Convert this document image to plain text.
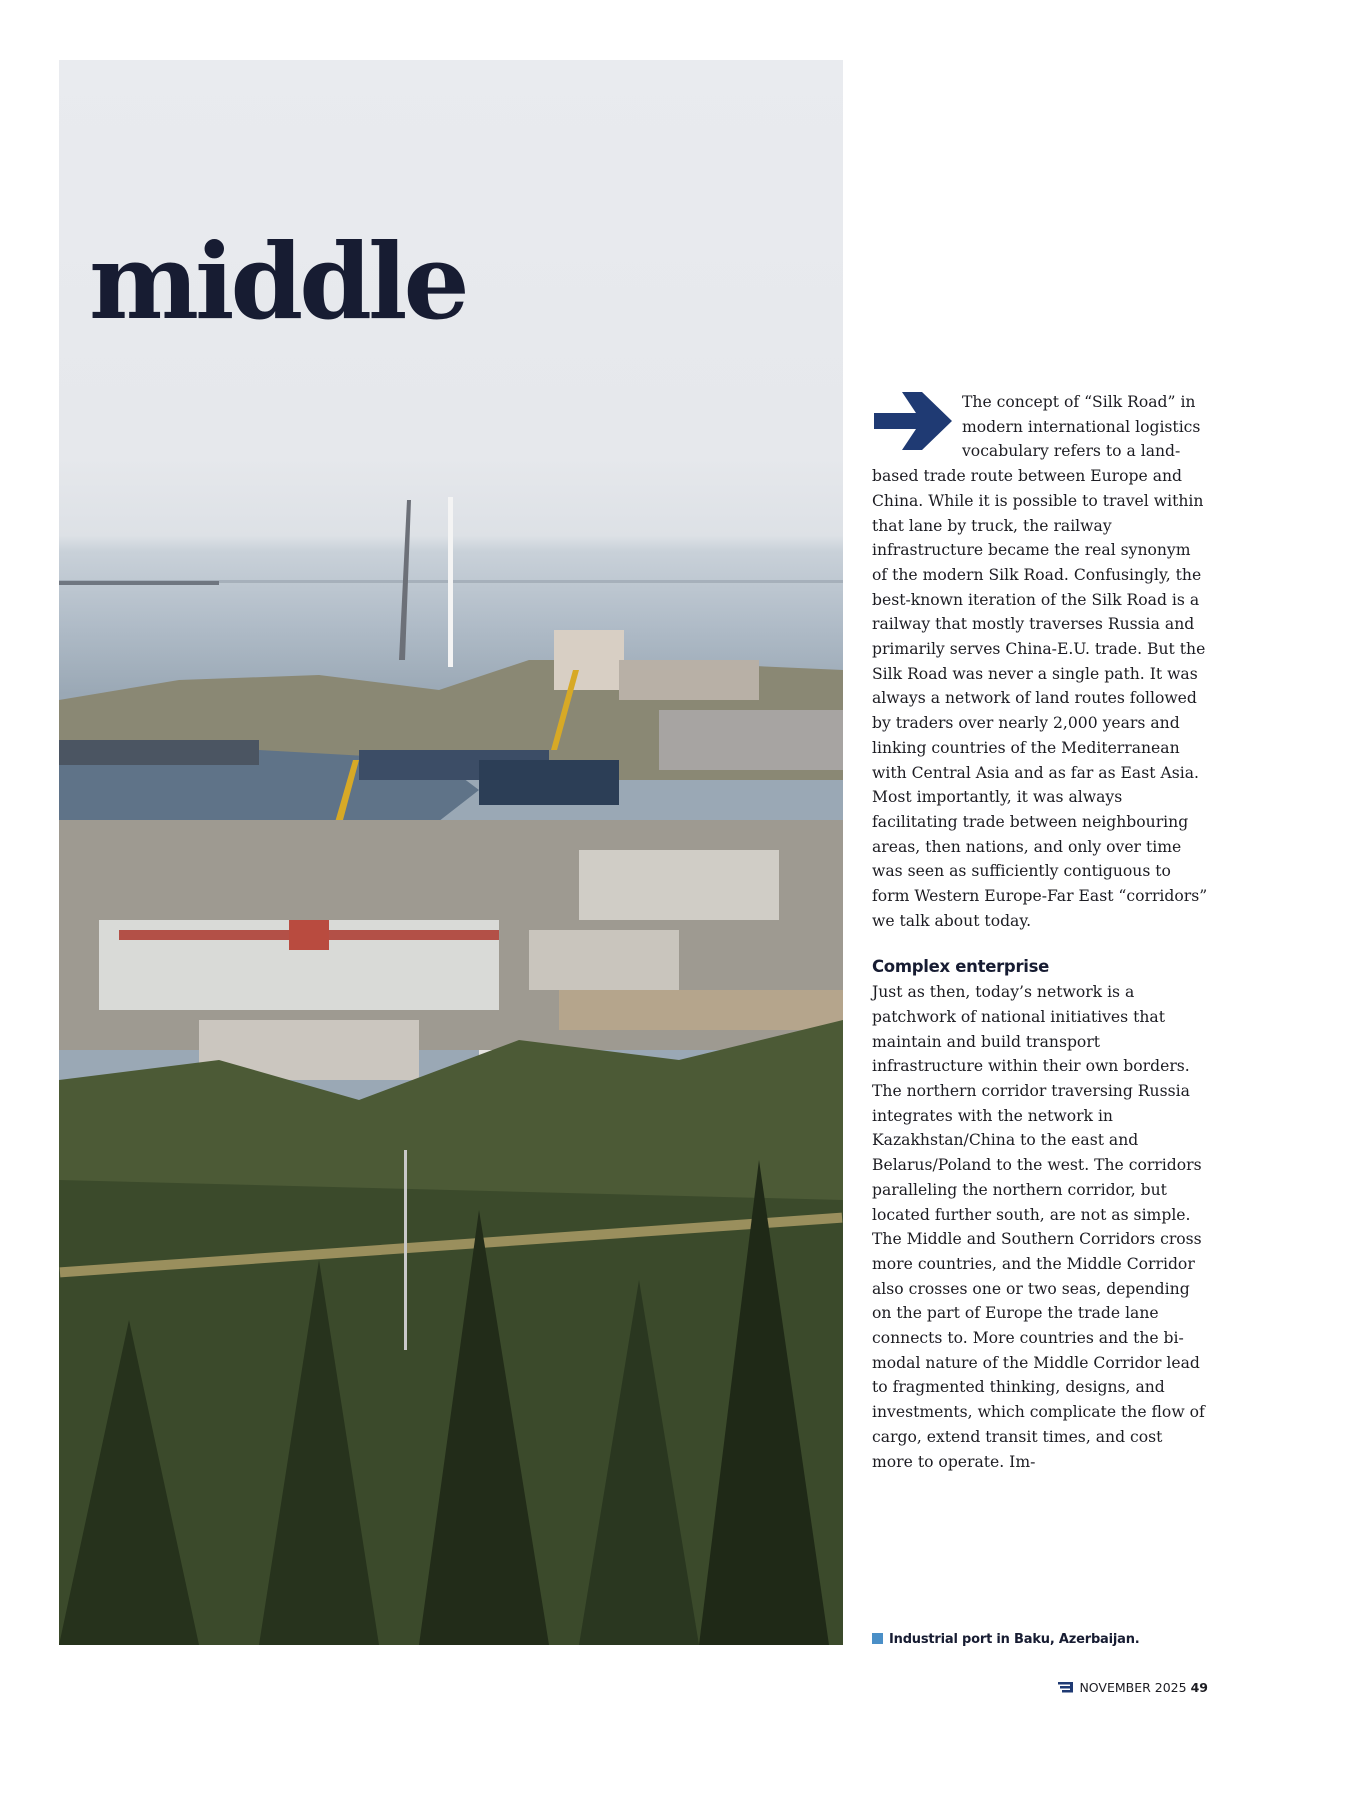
middle

The concept of “Silk Road” in modern international logistics vocabulary refers to a land-based trade route between Europe and China. While it is possible to travel within that lane by truck, the railway infrastructure became the real synonym of the modern Silk Road. Confusingly, the best-known iteration of the Silk Road is a railway that mostly traverses Russia and primarily serves China-E.U. trade. But the Silk Road was never a single path. It was always a network of land routes followed by traders over nearly 2,000 years and linking countries of the Mediterranean with Central Asia and as far as East Asia. Most importantly, it was always facilitating trade between neighbouring areas, then nations, and only over time was seen as sufficiently contiguous to form Western Europe-Far East “corridors” we talk about today.

Complex enterprise

Just as then, today’s network is a patchwork of national initiatives that maintain and build transport infrastructure within their own borders. The northern corridor traversing Russia integrates with the network in Kazakhstan/China to the east and Belarus/Poland to the west. The corridors paralleling the northern corridor, but located further south, are not as simple.

The Middle and Southern Corridors cross more countries, and the Middle Corridor also crosses one or two seas, depending on the part of Europe the trade lane connects to. More countries and the bi-modal nature of the Middle Corridor lead to fragmented thinking, designs, and investments, which complicate the flow of cargo, extend transit times, and cost more to operate. Im-

Industrial port in Baku, Azerbaijan.
NOVEMBER 2025 49
